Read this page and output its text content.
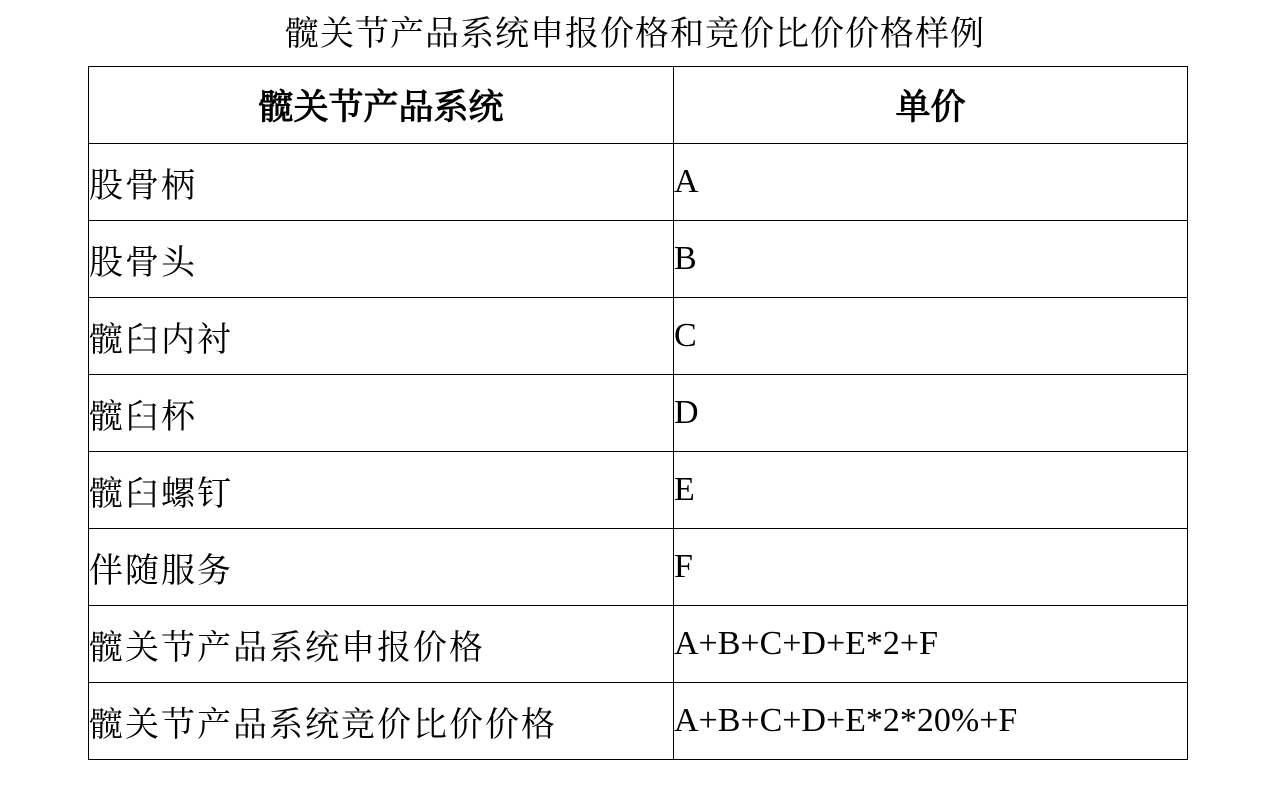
髋关节产品系统申报价格和竞价比价价格样例
髋关节产品系统	单价
股骨柄	A
股骨头	B
髋臼内衬	C
髋臼杯	D
髋臼螺钉	E
伴随服务	F
髋关节产品系统申报价格	A+B+C+D+E*2+F
髋关节产品系统竞价比价价格	A+B+C+D+E*2*20%+F
